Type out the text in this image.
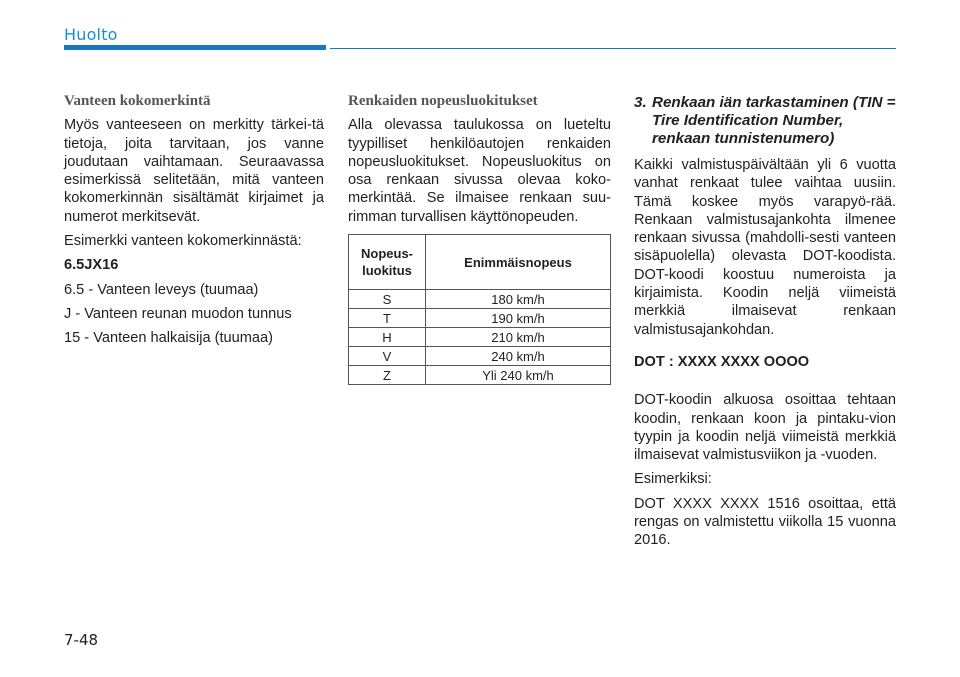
Huolto

Vanteen kokomerkintä

Myös vanteeseen on merkitty tärkei-tä tietoja, joita tarvitaan, jos vanne joudutaan vaihtamaan. Seuraavassa esimerkissä selitetään, mitä vanteen kokomerkinnän sisältämät kirjaimet ja numerot merkitsevät.

Esimerkki vanteen kokomerkinnästä:

6.5JX16

6.5 - Vanteen leveys (tuumaa)

J - Vanteen reunan muodon tunnus

15 - Vanteen halkaisija (tuumaa)

Renkaiden nopeusluokitukset

Alla olevassa taulukossa on lueteltu tyypilliset henkilöautojen renkaiden nopeusluokitukset. Nopeusluokitus on osa renkaan sivussa olevaa koko-merkintää. Se ilmaisee renkaan suu-rimman turvallisen käyttönopeuden.

Nopeus-luokitus	Enimmäisnopeus
S	180 km/h
T	190 km/h
H	210 km/h
V	240 km/h
Z	Yli 240 km/h
3. Renkaan iän tarkastaminen (TIN = Tire Identification Number, renkaan tunnistenumero)

Kaikki valmistuspäivältään yli 6 vuotta vanhat renkaat tulee vaihtaa uusiin. Tämä koskee myös varapyö-rää. Renkaan valmistusajankohta ilmenee renkaan sivussa (mahdolli-sesti vanteen sisäpuolella) olevasta DOT-koodista. DOT-koodi koostuu numeroista ja kirjaimista. Koodin neljä viimeistä merkkiä ilmaisevat renkaan valmistusajankohdan.

DOT : XXXX XXXX OOOO

DOT-koodin alkuosa osoittaa tehtaan koodin, renkaan koon ja pintaku-vion tyypin ja koodin neljä viimeistä merkkiä ilmaisevat valmistusviikon ja -vuoden.

Esimerkiksi:

DOT XXXX XXXX 1516 osoittaa, että rengas on valmistettu viikolla 15 vuonna 2016.

7-48
